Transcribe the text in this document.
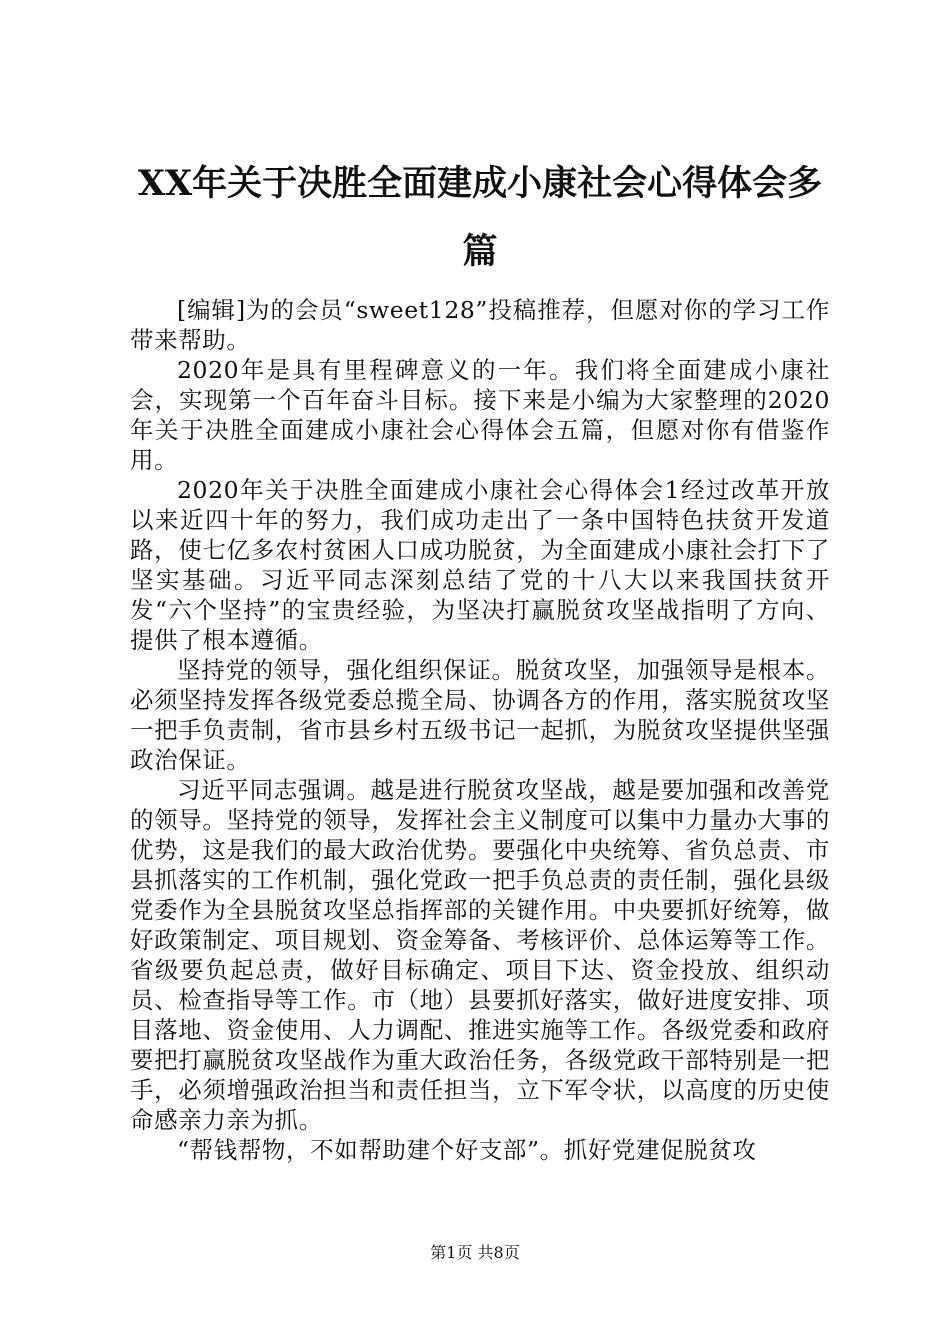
XX年关于决胜全面建成小康社会心得体会多篇

[编辑]为的会员“sweet128”投稿推荐，但愿对你的学习工作带来帮助。

2020年是具有里程碑意义的一年。我们将全面建成小康社会，实现第一个百年奋斗目标。接下来是小编为大家整理的2020年关于决胜全面建成小康社会心得体会五篇，但愿对你有借鉴作用。

2020年关于决胜全面建成小康社会心得体会1经过改革开放以来近四十年的努力，我们成功走出了一条中国特色扶贫开发道路，使七亿多农村贫困人口成功脱贫，为全面建成小康社会打下了坚实基础。习近平同志深刻总结了党的十八大以来我国扶贫开发“六个坚持”的宝贵经验，为坚决打赢脱贫攻坚战指明了方向、提供了根本遵循。

坚持党的领导，强化组织保证。脱贫攻坚，加强领导是根本。必须坚持发挥各级党委总揽全局、协调各方的作用，落实脱贫攻坚一把手负责制，省市县乡村五级书记一起抓，为脱贫攻坚提供坚强政治保证。

习近平同志强调。越是进行脱贫攻坚战，越是要加强和改善党的领导。坚持党的领导，发挥社会主义制度可以集中力量办大事的优势，这是我们的最大政治优势。要强化中央统筹、省负总责、市县抓落实的工作机制，强化党政一把手负总责的责任制，强化县级党委作为全县脱贫攻坚总指挥部的关键作用。中央要抓好统筹，做好政策制定、项目规划、资金筹备、考核评价、总体运筹等工作。省级要负起总责，做好目标确定、项目下达、资金投放、组织动员、检查指导等工作。市（地）县要抓好落实，做好进度安排、项目落地、资金使用、人力调配、推进实施等工作。各级党委和政府要把打赢脱贫攻坚战作为重大政治任务，各级党政干部特别是一把手，必须增强政治担当和责任担当，立下军令状，以高度的历史使命感亲力亲为抓。

“帮钱帮物，不如帮助建个好支部”。抓好党建促脱贫攻

第1页 共8页
